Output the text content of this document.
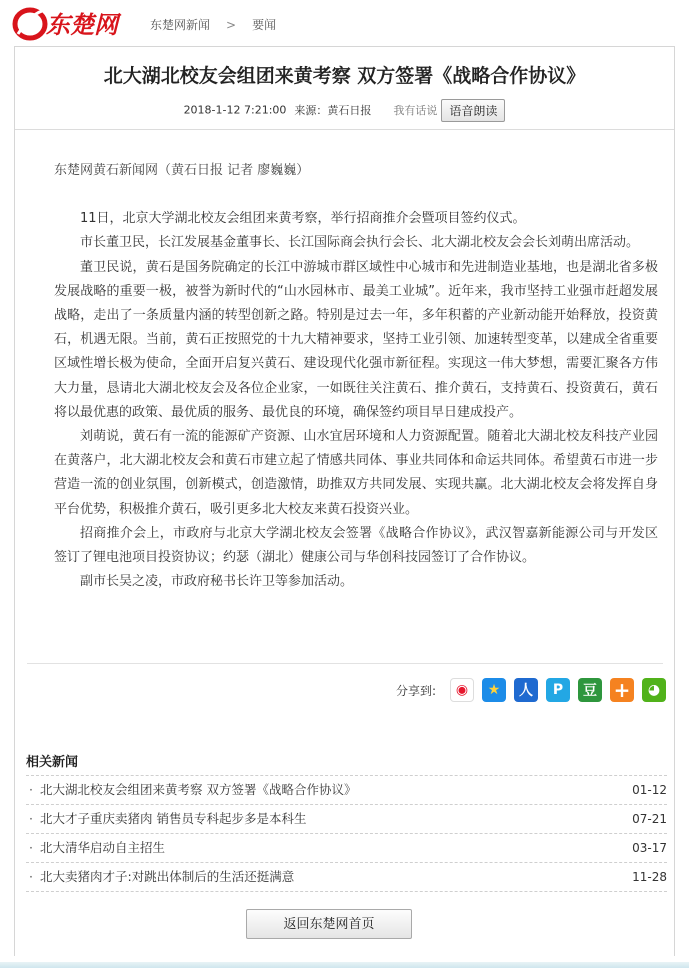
东楚网	东楚网新闻 > 要闻
北大湖北校友会组团来黄考察 双方签署《战略合作协议》
2018-1-12 7:21:00 来源：黄石日报 我有话说 语音朗读
东楚网黄石新闻网（黄石日报 记者 廖巍巍）

11日，北京大学湖北校友会组团来黄考察，举行招商推介会暨项目签约仪式。

市长董卫民，长江发展基金董事长、长江国际商会执行会长、北大湖北校友会会长刘萌出席活动。

董卫民说，黄石是国务院确定的长江中游城市群区域性中心城市和先进制造业基地，也是湖北省多极发展战略的重要一极，被誉为新时代的“山水园林市、最美工业城”。近年来，我市坚持工业强市赶超发展战略，走出了一条质量内涵的转型创新之路。特别是过去一年，多年积蓄的产业新动能开始释放，投资黄石，机遇无限。当前，黄石正按照党的十九大精神要求，坚持工业引领、加速转型变革，以建成全省重要区域性增长极为使命，全面开启复兴黄石、建设现代化强市新征程。实现这一伟大梦想，需要汇聚各方伟大力量，恳请北大湖北校友会及各位企业家，一如既往关注黄石、推介黄石，支持黄石、投资黄石，黄石将以最优惠的政策、最优质的服务、最优良的环境，确保签约项目早日建成投产。

刘萌说，黄石有一流的能源矿产资源、山水宜居环境和人力资源配置。随着北大湖北校友科技产业园在黄落户，北大湖北校友会和黄石市建立起了情感共同体、事业共同体和命运共同体。希望黄石市进一步营造一流的创业氛围，创新模式，创造激情，助推双方共同发展、实现共赢。北大湖北校友会将发挥自身平台优势，积极推介黄石，吸引更多北大校友来黄石投资兴业。

招商推介会上，市政府与北京大学湖北校友会签署《战略合作协议》，武汉智嘉新能源公司与开发区签订了锂电池项目投资协议；约瑟（湖北）健康公司与华创科技园签订了合作协议。

副市长吴之凌，市政府秘书长许卫等参加活动。

分享到:	◉	★	人	P	豆 +	◕
相关新闻
· 北大湖北校友会组团来黄考察 双方签署《战略合作协议》	01-12
· 北大才子重庆卖猪肉 销售员专科起步多是本科生	07-21
· 北大清华启动自主招生	03-17
· 北大卖猪肉才子:对跳出体制后的生活还挺满意	11-28
返回东楚网首页
